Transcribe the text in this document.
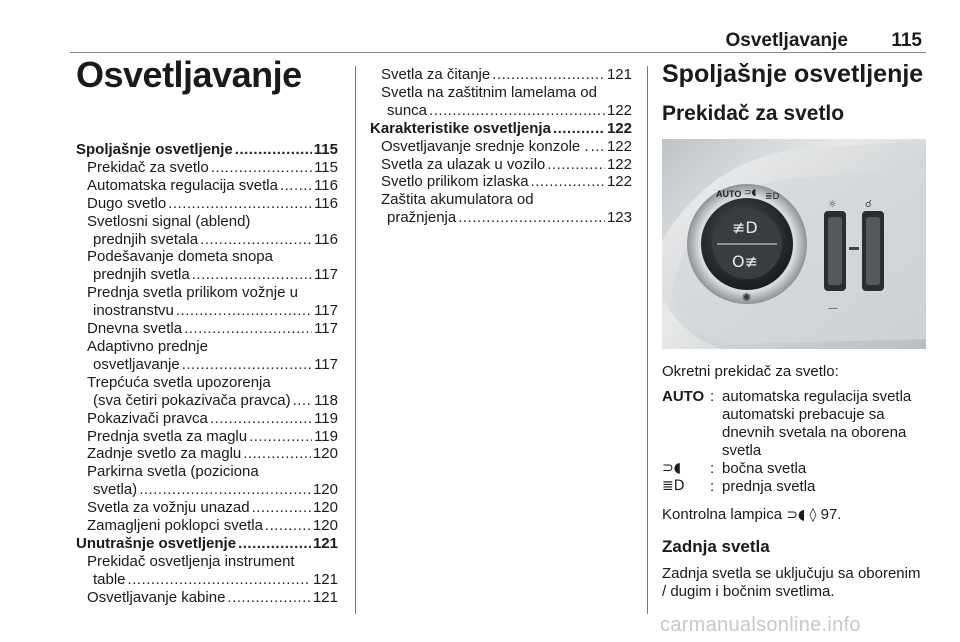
Osvetljavanje 115
Osvetljavanje
Spoljašnje osvetljenje .....	115
Prekidač za svetlo .....	115
Automatska regulacija svetla ..... 116
Dugo svetlo .....	116
Svetlosni signal (ablend)
prednjih svetala .....	116
Podešavanje dometa snopa
prednjih svetla .....	117
Prednja svetla prilikom vožnje u
inostranstvu .....	117
Dnevna svetla .....	117
Adaptivno prednje
osvetljavanje .....	117
Trepćuća svetla upozorenja
(sva četiri pokazivača pravca) ..... 118
Pokazivači pravca .....	119
Prednja svetla za maglu .....	119
Zadnje svetlo za maglu .....	120
Parkirna svetla (poziciona
svetla) .....	120
Svetla za vožnju unazad .....	120
Zamagljeni poklopci svetla .....	120
Unutrašnje osvetljenje .....	121
Prekidač osvetljenja instrument
table .....	121
Osvetljavanje kabine .....	121
Svetla za čitanje .....	121
Svetla na zaštitnim lamelama od
sunca .....	122
Karakteristike osvetljenja .....	122
Osvetljavanje srednje konzole . ..... 122
Svetla za ulazak u vozilo .....	122
Svetlo prilikom izlaska .....	122
Zaštita akumulatora od
pražnjenja .....	123
Spoljašnje osvetljenje
Prekidač za svetlo
≢D
O≢
AUTO ⊃◖ ≣D
✺
☼	☌
—
Okretni prekidač za svetlo:
AUTO : automatska regulacija svetla automatski prebacuje sa dnevnih svetala na oborena svetla
⊃◖	: bočna svetla
≣D	: prednja svetla
Kontrolna lampica ⊃◖ ◊ 97.
Zadnja svetla
Zadnja svetla se uključuju sa oborenim / dugim i bočnim svetlima.
carmanualsonline.info
